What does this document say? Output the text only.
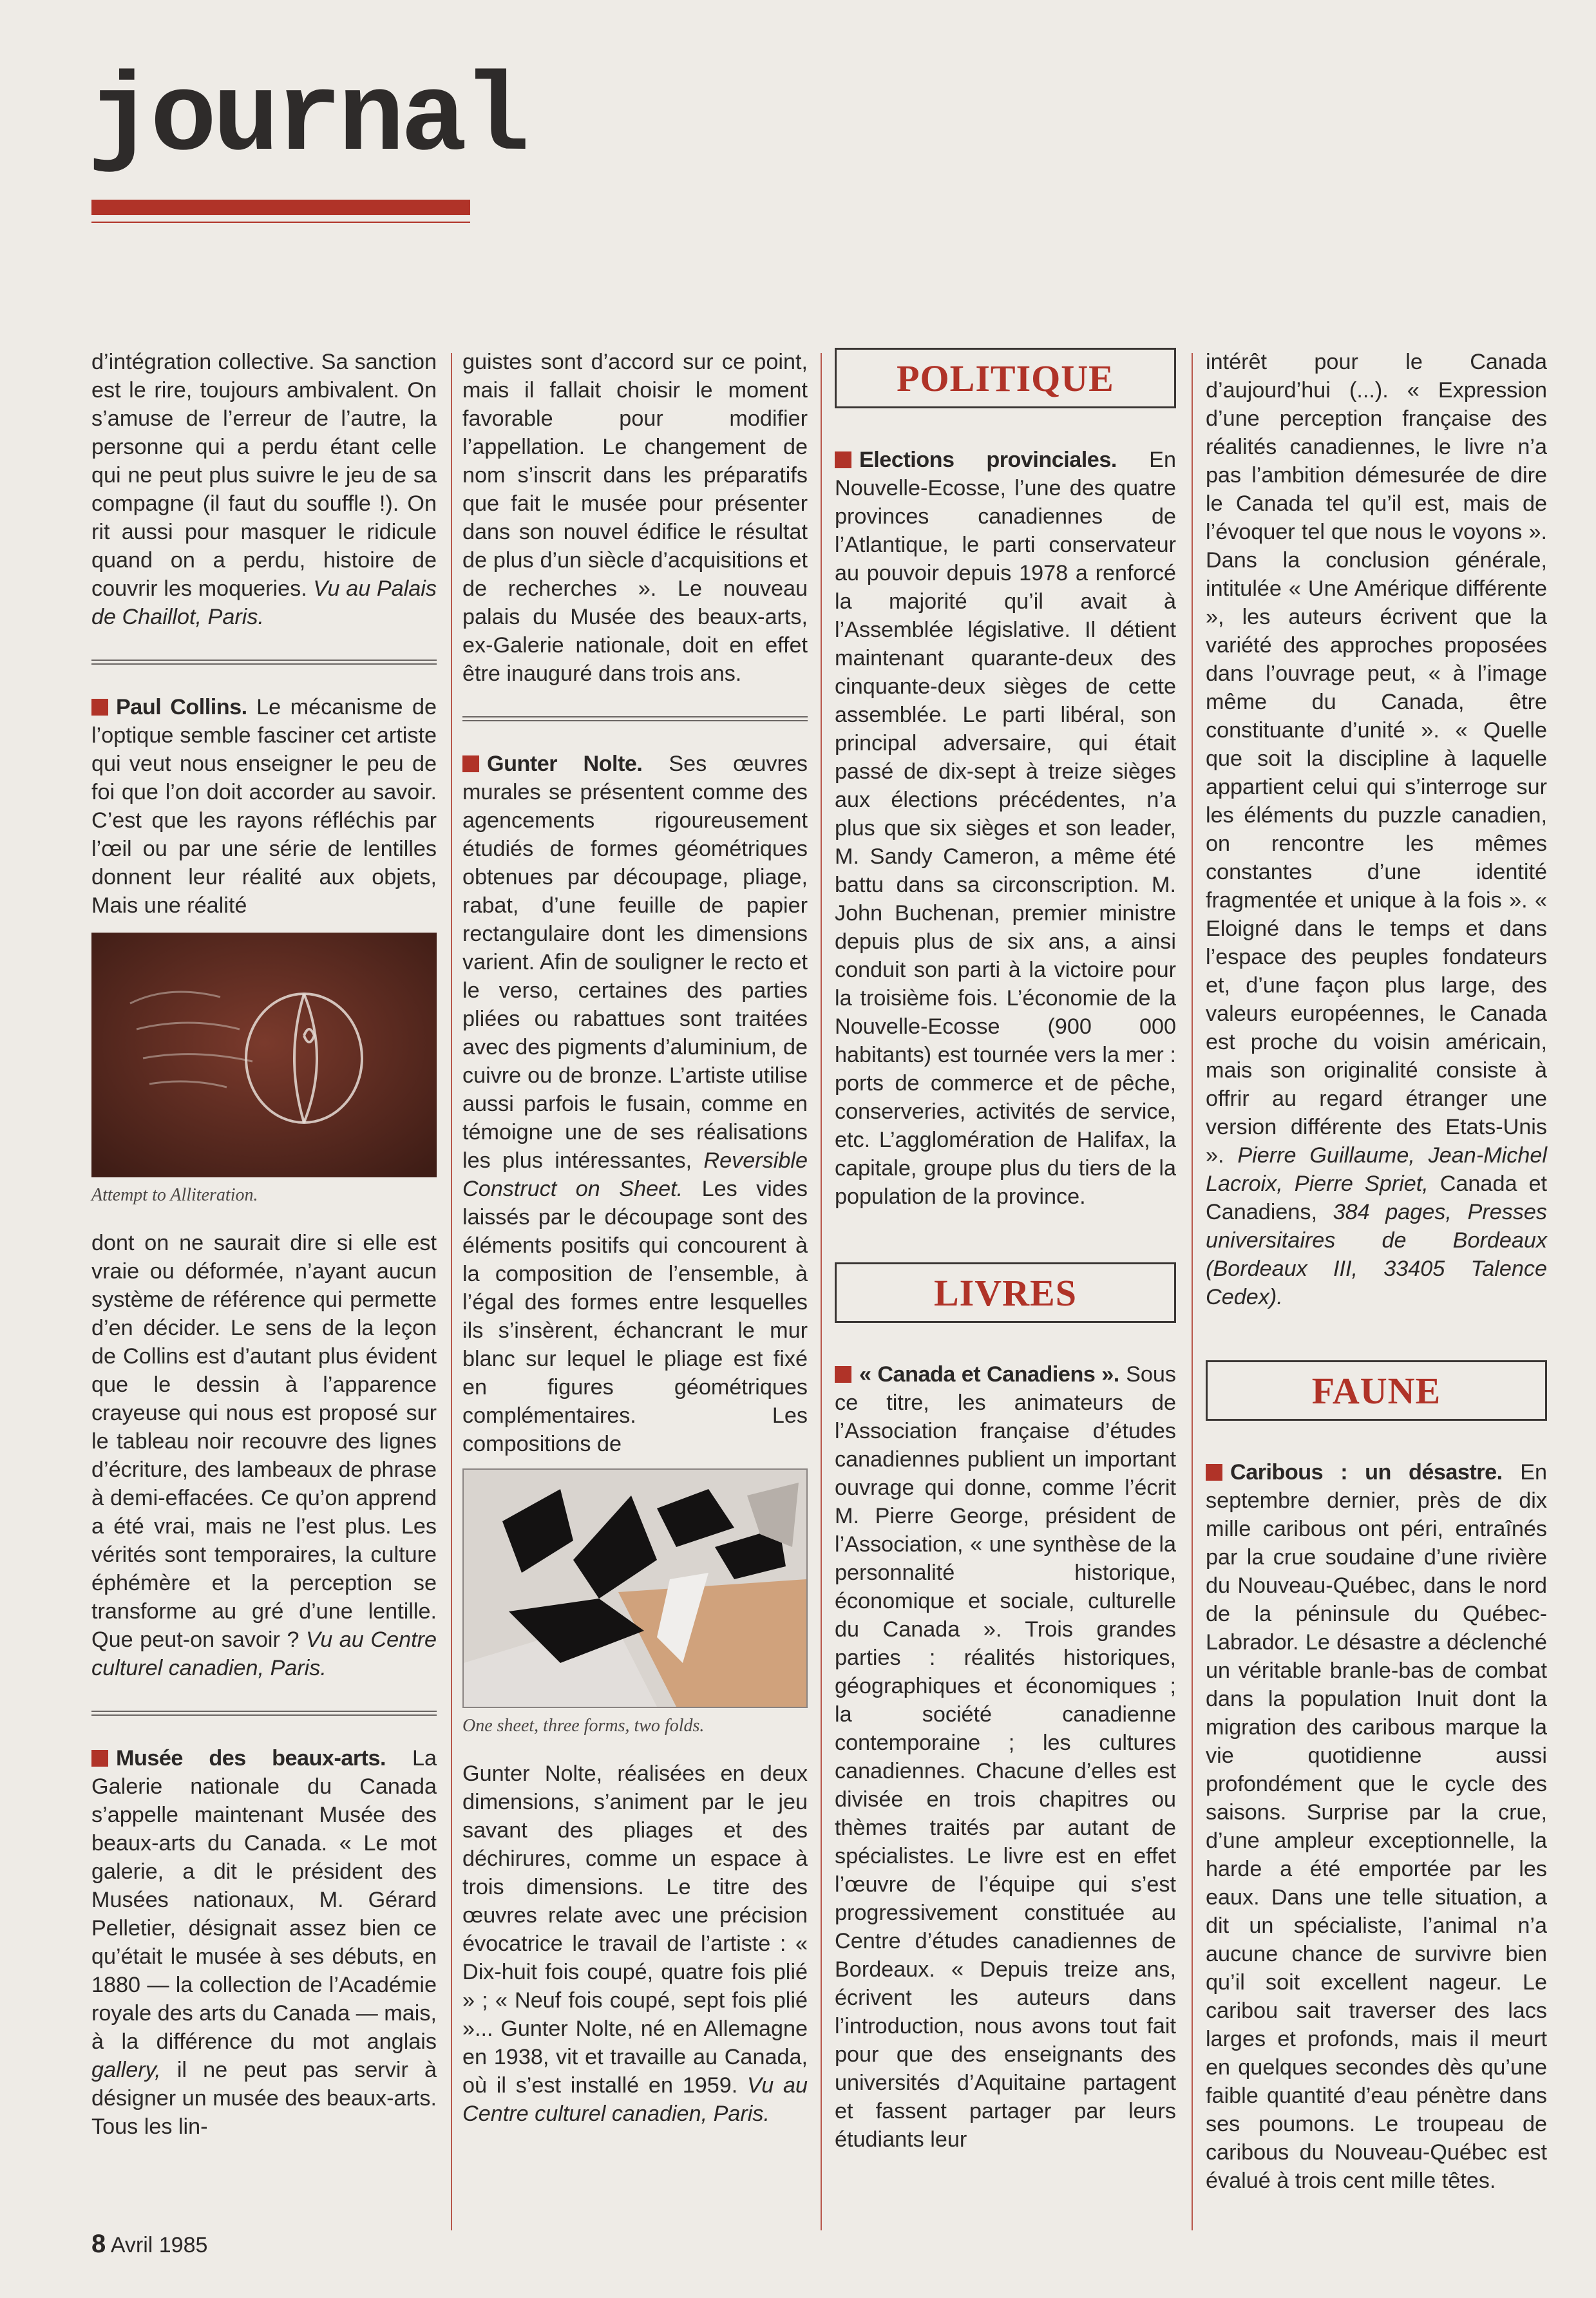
journal

d’intégration collective. Sa sanction est le rire, toujours ambivalent. On s’amuse de l’erreur de l’autre, la personne qui a perdu étant celle qui ne peut plus suivre le jeu de sa compagne (il faut du souffle !). On rit aussi pour masquer le ridicule quand on a perdu, histoire de couvrir les moqueries. Vu au Palais de Chaillot, Paris.

Paul Collins. Le mécanisme de l’optique semble fasciner cet artiste qui veut nous enseigner le peu de foi que l’on doit accorder au savoir. C’est que les rayons réfléchis par l’œil ou par une série de lentilles donnent leur réalité aux objets, Mais une réalité

Attempt to Alliteration.

dont on ne saurait dire si elle est vraie ou déformée, n’ayant aucun système de référence qui permette d’en décider. Le sens de la leçon de Collins est d’autant plus évident que le dessin à l’apparence crayeuse qui nous est proposé sur le tableau noir recouvre des lignes d’écriture, des lambeaux de phrase à demi-effacées. Ce qu’on apprend a été vrai, mais ne l’est plus. Les vérités sont temporaires, la culture éphémère et la perception se transforme au gré d’une lentille. Que peut-on savoir ? Vu au Centre culturel canadien, Paris.

Musée des beaux-arts. La Galerie nationale du Canada s’appelle maintenant Musée des beaux-arts du Canada. « Le mot galerie, a dit le président des Musées nationaux, M. Gérard Pelletier, désignait assez bien ce qu’était le musée à ses débuts, en 1880 — la collection de l’Académie royale des arts du Canada — mais, à la différence du mot anglais gallery, il ne peut pas servir à désigner un musée des beaux-arts. Tous les lin-

guistes sont d’accord sur ce point, mais il fallait choisir le moment favorable pour modifier l’appellation. Le changement de nom s’inscrit dans les préparatifs que fait le musée pour présenter dans son nouvel édifice le résultat de plus d’un siècle d’acquisitions et de recherches ». Le nouveau palais du Musée des beaux-arts, ex-Galerie nationale, doit en effet être inauguré dans trois ans.

Gunter Nolte. Ses œuvres murales se présentent comme des agencements rigoureusement étudiés de formes géométriques obtenues par découpage, pliage, rabat, d’une feuille de papier rectangulaire dont les dimensions varient. Afin de souligner le recto et le verso, certaines des parties pliées ou rabattues sont traitées avec des pigments d’aluminium, de cuivre ou de bronze. L’artiste utilise aussi parfois le fusain, comme en témoigne une de ses réalisations les plus intéressantes, Reversible Construct on Sheet. Les vides laissés par le découpage sont des éléments positifs qui concourent à la composition de l’ensemble, à l’égal des formes entre lesquelles ils s’insèrent, échancrant le mur blanc sur lequel le pliage est fixé en figures géométriques complémentaires. Les compositions de

One sheet, three forms, two folds.

Gunter Nolte, réalisées en deux dimensions, s’animent par le jeu savant des pliages et des déchirures, comme un espace à trois dimensions. Le titre des œuvres relate avec une précision évocatrice le travail de l’artiste : « Dix-huit fois coupé, quatre fois plié » ; « Neuf fois coupé, sept fois plié »... Gunter Nolte, né en Allemagne en 1938, vit et travaille au Canada, où il s’est installé en 1959. Vu au Centre culturel canadien, Paris.

POLITIQUE

Elections provinciales. En Nouvelle-Ecosse, l’une des quatre provinces canadiennes de l’Atlantique, le parti conservateur au pouvoir depuis 1978 a renforcé la majorité qu’il avait à l’Assemblée législative. Il détient maintenant quarante-deux des cinquante-deux sièges de cette assemblée. Le parti libéral, son principal adversaire, qui était passé de dix-sept à treize sièges aux élections précédentes, n’a plus que six sièges et son leader, M. Sandy Cameron, a même été battu dans sa circonscription. M. John Buchenan, premier ministre depuis plus de six ans, a ainsi conduit son parti à la victoire pour la troisième fois. L’économie de la Nouvelle-Ecosse (900 000 habitants) est tournée vers la mer : ports de commerce et de pêche, conserveries, activités de service, etc. L’agglomération de Halifax, la capitale, groupe plus du tiers de la population de la province.

LIVRES

« Canada et Canadiens ». Sous ce titre, les animateurs de l’Association française d’études canadiennes publient un important ouvrage qui donne, comme l’écrit M. Pierre George, président de l’Association, « une synthèse de la personnalité historique, économique et sociale, culturelle du Canada ». Trois grandes parties : réalités historiques, géographiques et économiques ; la société canadienne contemporaine ; les cultures canadiennes. Chacune d’elles est divisée en trois chapitres ou thèmes traités par autant de spécialistes. Le livre est en effet l’œuvre de l’équipe qui s’est progressivement constituée au Centre d’études canadiennes de Bordeaux. « Depuis treize ans, écrivent les auteurs dans l’introduction, nous avons tout fait pour que des enseignants des universités d’Aquitaine partagent et fassent partager par leurs étudiants leur

intérêt pour le Canada d’aujourd’hui (...). « Expression d’une perception française des réalités canadiennes, le livre n’a pas l’ambition démesurée de dire le Canada tel qu’il est, mais de l’évoquer tel que nous le voyons ». Dans la conclusion générale, intitulée « Une Amérique différente », les auteurs écrivent que la variété des approches proposées dans l’ouvrage peut, « à l’image même du Canada, être constituante d’unité ». « Quelle que soit la discipline à laquelle appartient celui qui s’interroge sur les éléments du puzzle canadien, on rencontre les mêmes constantes d’une identité fragmentée et unique à la fois ». « Eloigné dans le temps et dans l’espace des peuples fondateurs et, d’une façon plus large, des valeurs européennes, le Canada est proche du voisin américain, mais son originalité consiste à offrir au regard étranger une version différente des Etats-Unis ». Pierre Guillaume, Jean-Michel Lacroix, Pierre Spriet, Canada et Canadiens, 384 pages, Presses universitaires de Bordeaux (Bordeaux III, 33405 Talence Cedex).

FAUNE

Caribous : un désastre. En septembre dernier, près de dix mille caribous ont péri, entraînés par la crue soudaine d’une rivière du Nouveau-Québec, dans le nord de la péninsule du Québec-Labrador. Le désastre a déclenché un véritable branle-bas de combat dans la population Inuit dont la migration des caribous marque la vie quotidienne aussi profondément que le cycle des saisons. Surprise par la crue, d’une ampleur exceptionnelle, la harde a été emportée par les eaux. Dans une telle situation, a dit un spécialiste, l’animal n’a aucune chance de survivre bien qu’il soit excellent nageur. Le caribou sait traverser des lacs larges et profonds, mais il meurt en quelques secondes dès qu’une faible quantité d’eau pénètre dans ses poumons. Le troupeau de caribous du Nouveau-Québec est évalué à trois cent mille têtes.

8 Avril 1985
